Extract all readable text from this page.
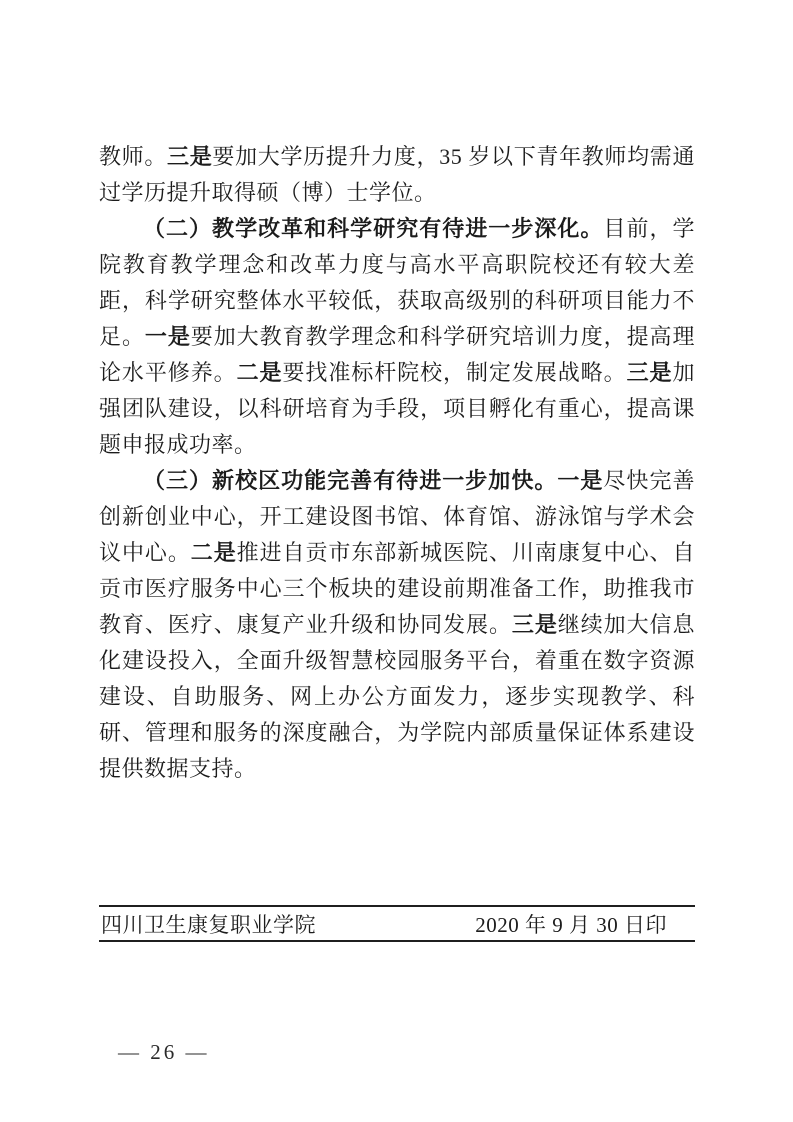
教师。三是要加大学历提升力度，35 岁以下青年教师均需通过学历提升取得硕（博）士学位。

（二）教学改革和科学研究有待进一步深化。目前，学院教育教学理念和改革力度与高水平高职院校还有较大差距，科学研究整体水平较低，获取高级别的科研项目能力不足。一是要加大教育教学理念和科学研究培训力度，提高理论水平修养。二是要找准标杆院校，制定发展战略。三是加强团队建设，以科研培育为手段，项目孵化有重心，提高课题申报成功率。

（三）新校区功能完善有待进一步加快。一是尽快完善创新创业中心，开工建设图书馆、体育馆、游泳馆与学术会议中心。二是推进自贡市东部新城医院、川南康复中心、自贡市医疗服务中心三个板块的建设前期准备工作，助推我市教育、医疗、康复产业升级和协同发展。三是继续加大信息化建设投入，全面升级智慧校园服务平台，着重在数字资源建设、自助服务、网上办公方面发力，逐步实现教学、科研、管理和服务的深度融合，为学院内部质量保证体系建设提供数据支持。

四川卫生康复职业学院	2020 年 9 月 30 日印
— 26 —
